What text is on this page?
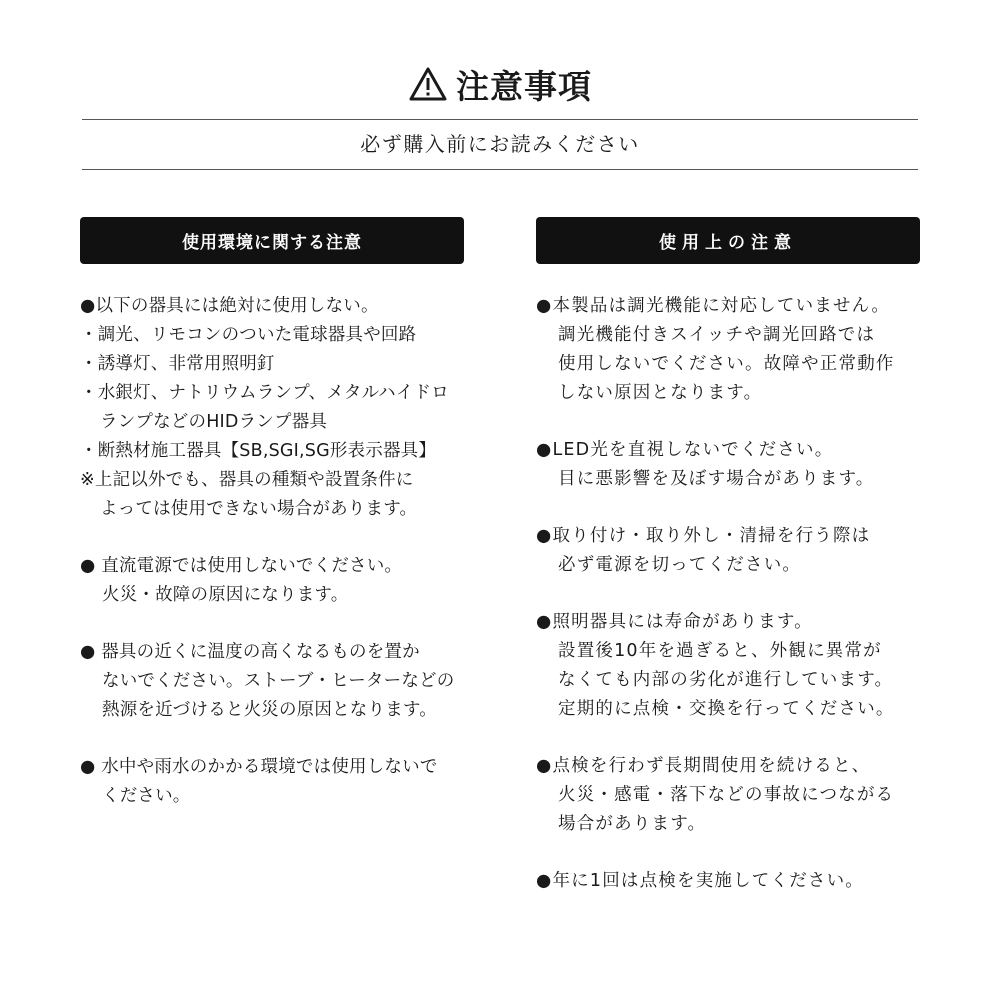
注意事項
必ず購入前にお読みください
使用環境に関する注意
●以下の器具には絶対に使用しない。
・調光、リモコンのついた電球器具や回路
・誘導灯、非常用照明釘
・水銀灯、ナトリウムランプ、メタルハイドロ
ランプなどのHIDランプ器具
・断熱材施工器具【SB,SGI,SG形表示器具】
※上記以外でも、器具の種類や設置条件に
よっては使用できない場合があります。
● 直流電源では使用しないでください。
火災・故障の原因になります。
● 器具の近くに温度の高くなるものを置か
ないでください。ストーブ・ヒーターなどの
熱源を近づけると火災の原因となります。
● 水中や雨水のかかる環境では使用しないで
ください。
使用上の注意
●本製品は調光機能に対応していません。
調光機能付きスイッチや調光回路では
使用しないでください。故障や正常動作
しない原因となります。
●LED光を直視しないでください。
目に悪影響を及ぼす場合があります。
●取り付け・取り外し・清掃を行う際は
必ず電源を切ってください。
●照明器具には寿命があります。
設置後10年を過ぎると、外観に異常が
なくても内部の劣化が進行しています。
定期的に点検・交換を行ってください。
●点検を行わず長期間使用を続けると、
火災・感電・落下などの事故につながる
場合があります。
●年に1回は点検を実施してください。
